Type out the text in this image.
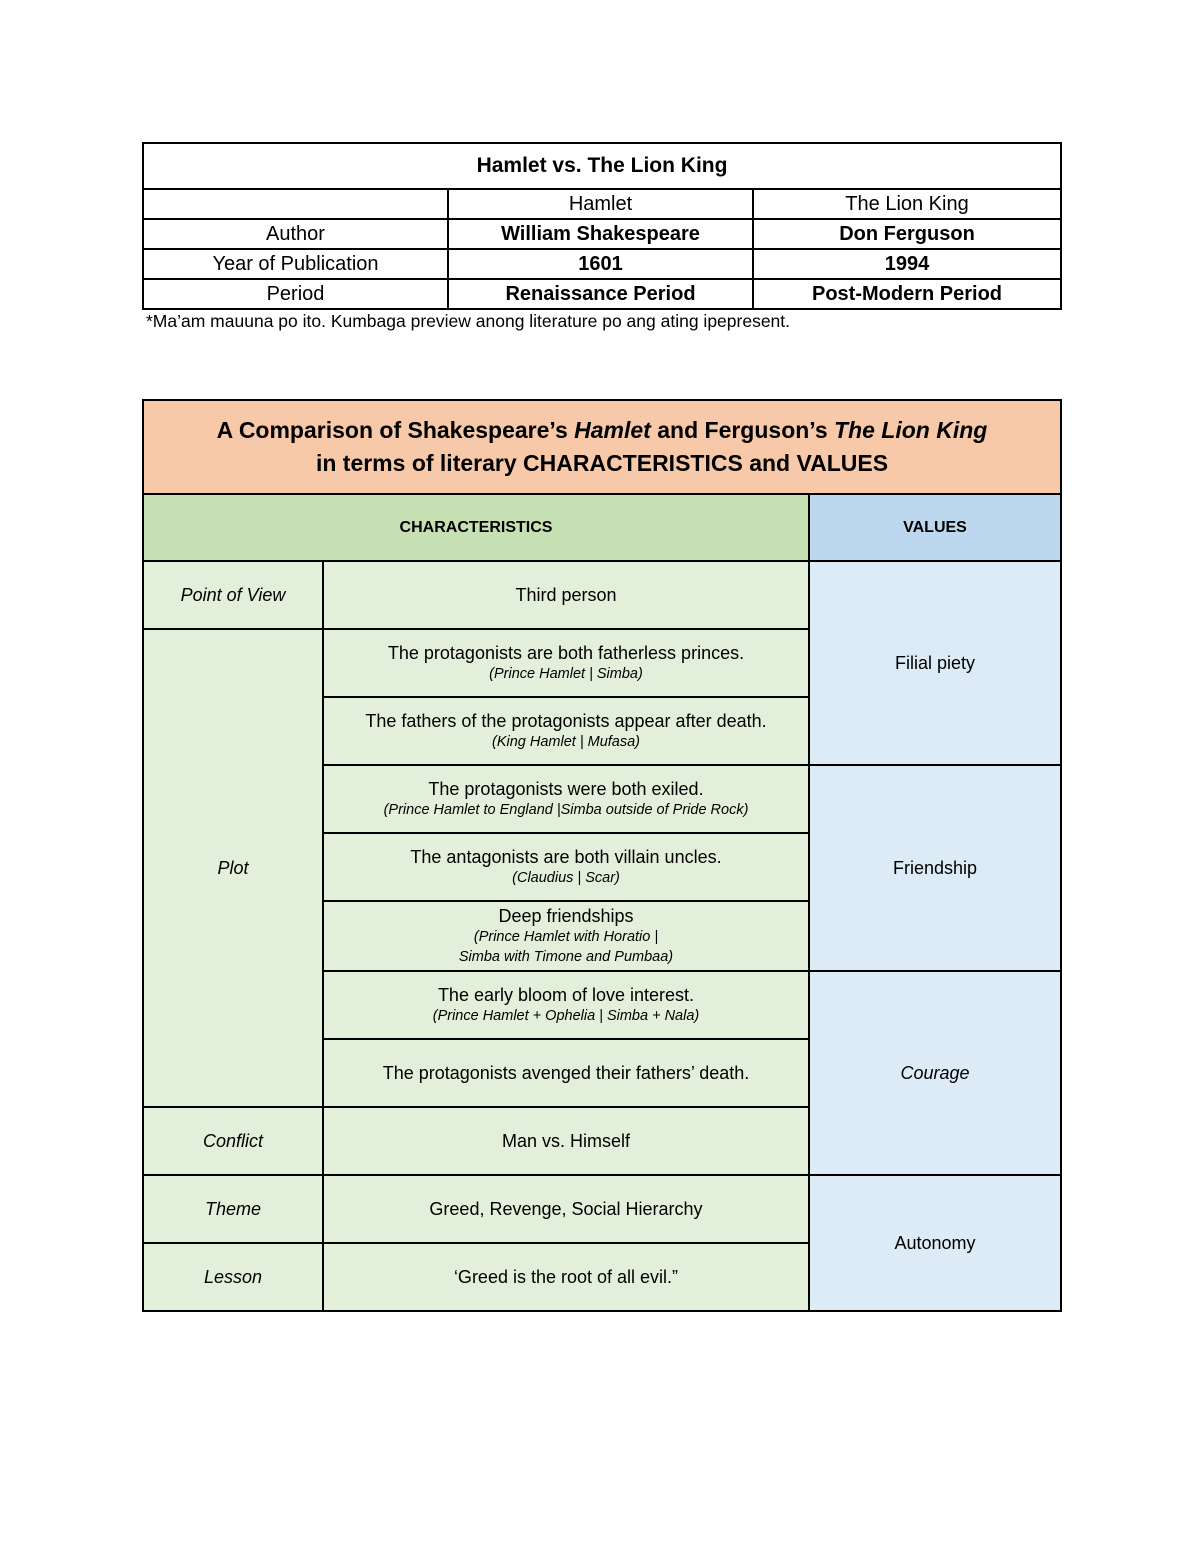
Hamlet vs. The Lion King		
	Hamlet	The Lion King
Author	William Shakespeare	Don Ferguson
Year of Publication	1601	1994
Period	Renaissance Period	Post-Modern Period
*Ma’am mauuna po ito. Kumbaga preview anong literature po ang ating ipepresent.
A Comparison of Shakespeare’s Hamlet and Ferguson’s The Lion King
in terms of literary CHARACTERISTICS and VALUES		
CHARACTERISTICS		VALUES
Point of View	Third person	Filial piety
Plot	The protagonists are both fatherless princes.
(Prince Hamlet | Simba)	

	The fathers of the protagonists appear after death.
(King Hamlet | Mufasa)	

	The protagonists were both exiled.
(Prince Hamlet to England |Simba outside of Pride Rock)	Friendship

	The antagonists are both villain uncles.
(Claudius | Scar)	

	Deep friendships
(Prince Hamlet with Horatio |
Simba with Timone and Pumbaa)	

	The early bloom of love interest.
(Prince Hamlet + Ophelia | Simba + Nala)	Courage

	The protagonists avenged their fathers’ death.	

Conflict	Man vs. Himself	

Theme	Greed, Revenge, Social Hierarchy	Autonomy
Lesson	‘Greed is the root of all evil.”	
